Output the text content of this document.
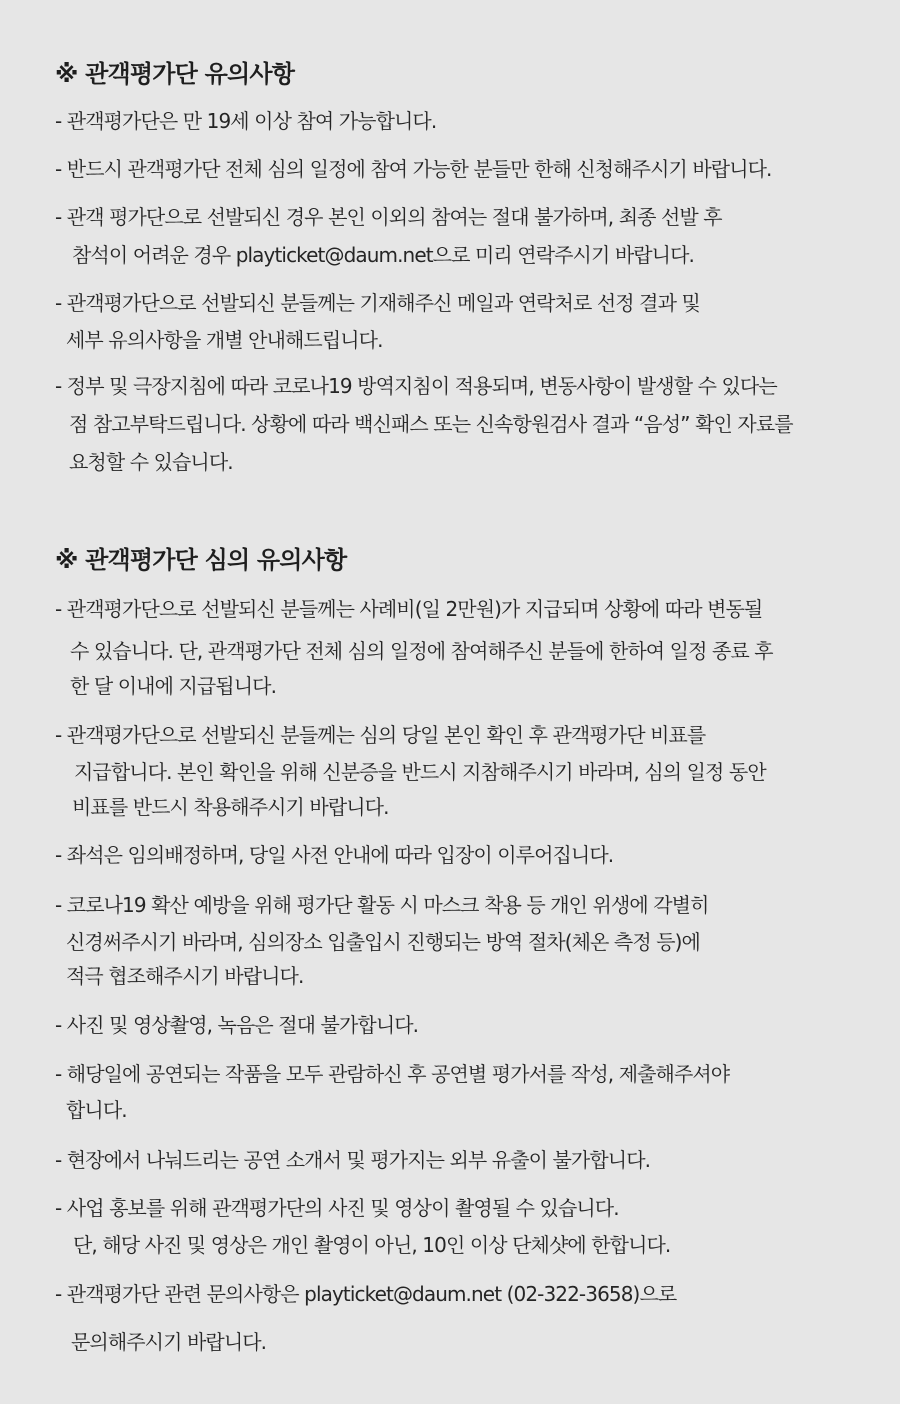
※ 관객평가단 유의사항
- 관객평가단은 만 19세 이상 참여 가능합니다.
- 반드시 관객평가단 전체 심의 일정에 참여 가능한 분들만 한해 신청해주시기 바랍니다.
- 관객 평가단으로 선발되신 경우 본인 이외의 참여는 절대 불가하며, 최종 선발 후
참석이 어려운 경우 playticket@daum.net으로 미리 연락주시기 바랍니다.
- 관객평가단으로 선발되신 분들께는 기재해주신 메일과 연락처로 선정 결과 및
세부 유의사항을 개별 안내해드립니다.
- 정부 및 극장지침에 따라 코로나19 방역지침이 적용되며, 변동사항이 발생할 수 있다는
점 참고부탁드립니다. 상황에 따라 백신패스 또는 신속항원검사 결과 “음성” 확인 자료를
요청할 수 있습니다.
※ 관객평가단 심의 유의사항
- 관객평가단으로 선발되신 분들께는 사례비(일 2만원)가 지급되며 상황에 따라 변동될
수 있습니다. 단, 관객평가단 전체 심의 일정에 참여해주신 분들에 한하여 일정 종료 후
한 달 이내에 지급됩니다.
- 관객평가단으로 선발되신 분들께는 심의 당일 본인 확인 후 관객평가단 비표를
지급합니다. 본인 확인을 위해 신분증을 반드시 지참해주시기 바라며, 심의 일정 동안
비표를 반드시 착용해주시기 바랍니다.
- 좌석은 임의배정하며, 당일 사전 안내에 따라 입장이 이루어집니다.
- 코로나19 확산 예방을 위해 평가단 활동 시 마스크 착용 등 개인 위생에 각별히
신경써주시기 바라며, 심의장소 입출입시 진행되는 방역 절차(체온 측정 등)에
적극 협조해주시기 바랍니다.
- 사진 및 영상촬영, 녹음은 절대 불가합니다.
- 해당일에 공연되는 작품을 모두 관람하신 후 공연별 평가서를 작성, 제출해주셔야
합니다.
- 현장에서 나눠드리는 공연 소개서 및 평가지는 외부 유출이 불가합니다.
- 사업 홍보를 위해 관객평가단의 사진 및 영상이 촬영될 수 있습니다.
단, 해당 사진 및 영상은 개인 촬영이 아닌, 10인 이상 단체샷에 한합니다.
- 관객평가단 관련 문의사항은 playticket@daum.net (02-322-3658)으로
문의해주시기 바랍니다.
